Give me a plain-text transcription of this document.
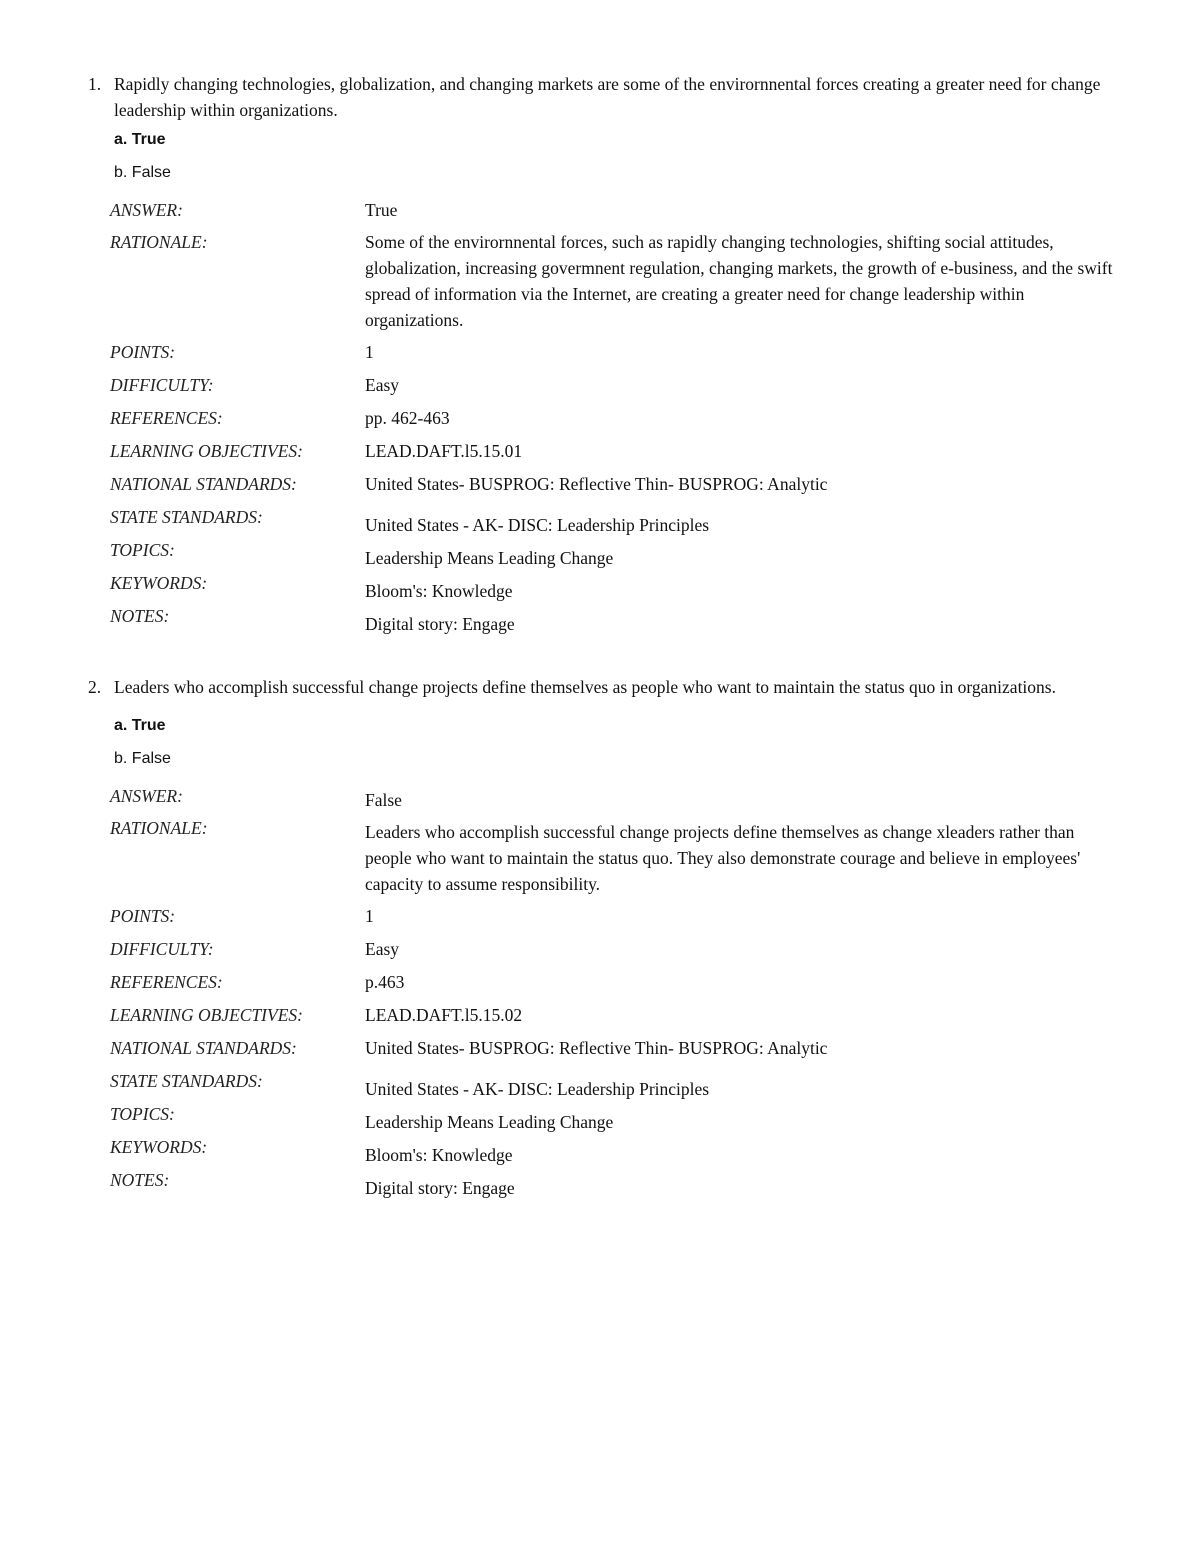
1. Rapidly changing technologies, globalization, and changing markets are some of the envirornnental forces creating a greater need for change leadership within organizations.
a. True
b. False
ANSWER:	True
RATIONALE:	Some of the envirornnental forces, such as rapidly changing technologies, shifting social attitudes, globalization, increasing govermnent regulation, changing markets, the growth of e-business, and the swift spread of information via the Internet, are creating a greater need for change leadership within organizations.
POINTS:	1
DIFFICULTY:	Easy
REFERENCES:	pp. 462-463
LEARNING OBJECTIVES:	LEAD.DAFT.l5.15.01
NATIONAL STANDARDS:	United States- BUSPROG: Reflective Thin- BUSPROG: Analytic
STATE STANDARDS:	United States - AK- DISC: Leadership Principles
TOPICS:	Leadership Means Leading Change
KEYWORDS:	Bloom's: Knowledge
NOTES:	Digital story: Engage
2. Leaders who accomplish successful change projects define themselves as people who want to maintain the status quo in organizations.
a. True
b. False
ANSWER:	False
RATIONALE:	Leaders who accomplish successful change projects define themselves as change xleaders rather than people who want to maintain the status quo. They also demonstrate courage and believe in employees' capacity to assume responsibility.
POINTS:	1
DIFFICULTY:	Easy
REFERENCES:	p.463
LEARNING OBJECTIVES:	LEAD.DAFT.l5.15.02
NATIONAL STANDARDS:	United States- BUSPROG: Reflective Thin- BUSPROG: Analytic
STATE STANDARDS:	United States - AK- DISC: Leadership Principles
TOPICS:	Leadership Means Leading Change
KEYWORDS:	Bloom's: Knowledge
NOTES:	Digital story: Engage
